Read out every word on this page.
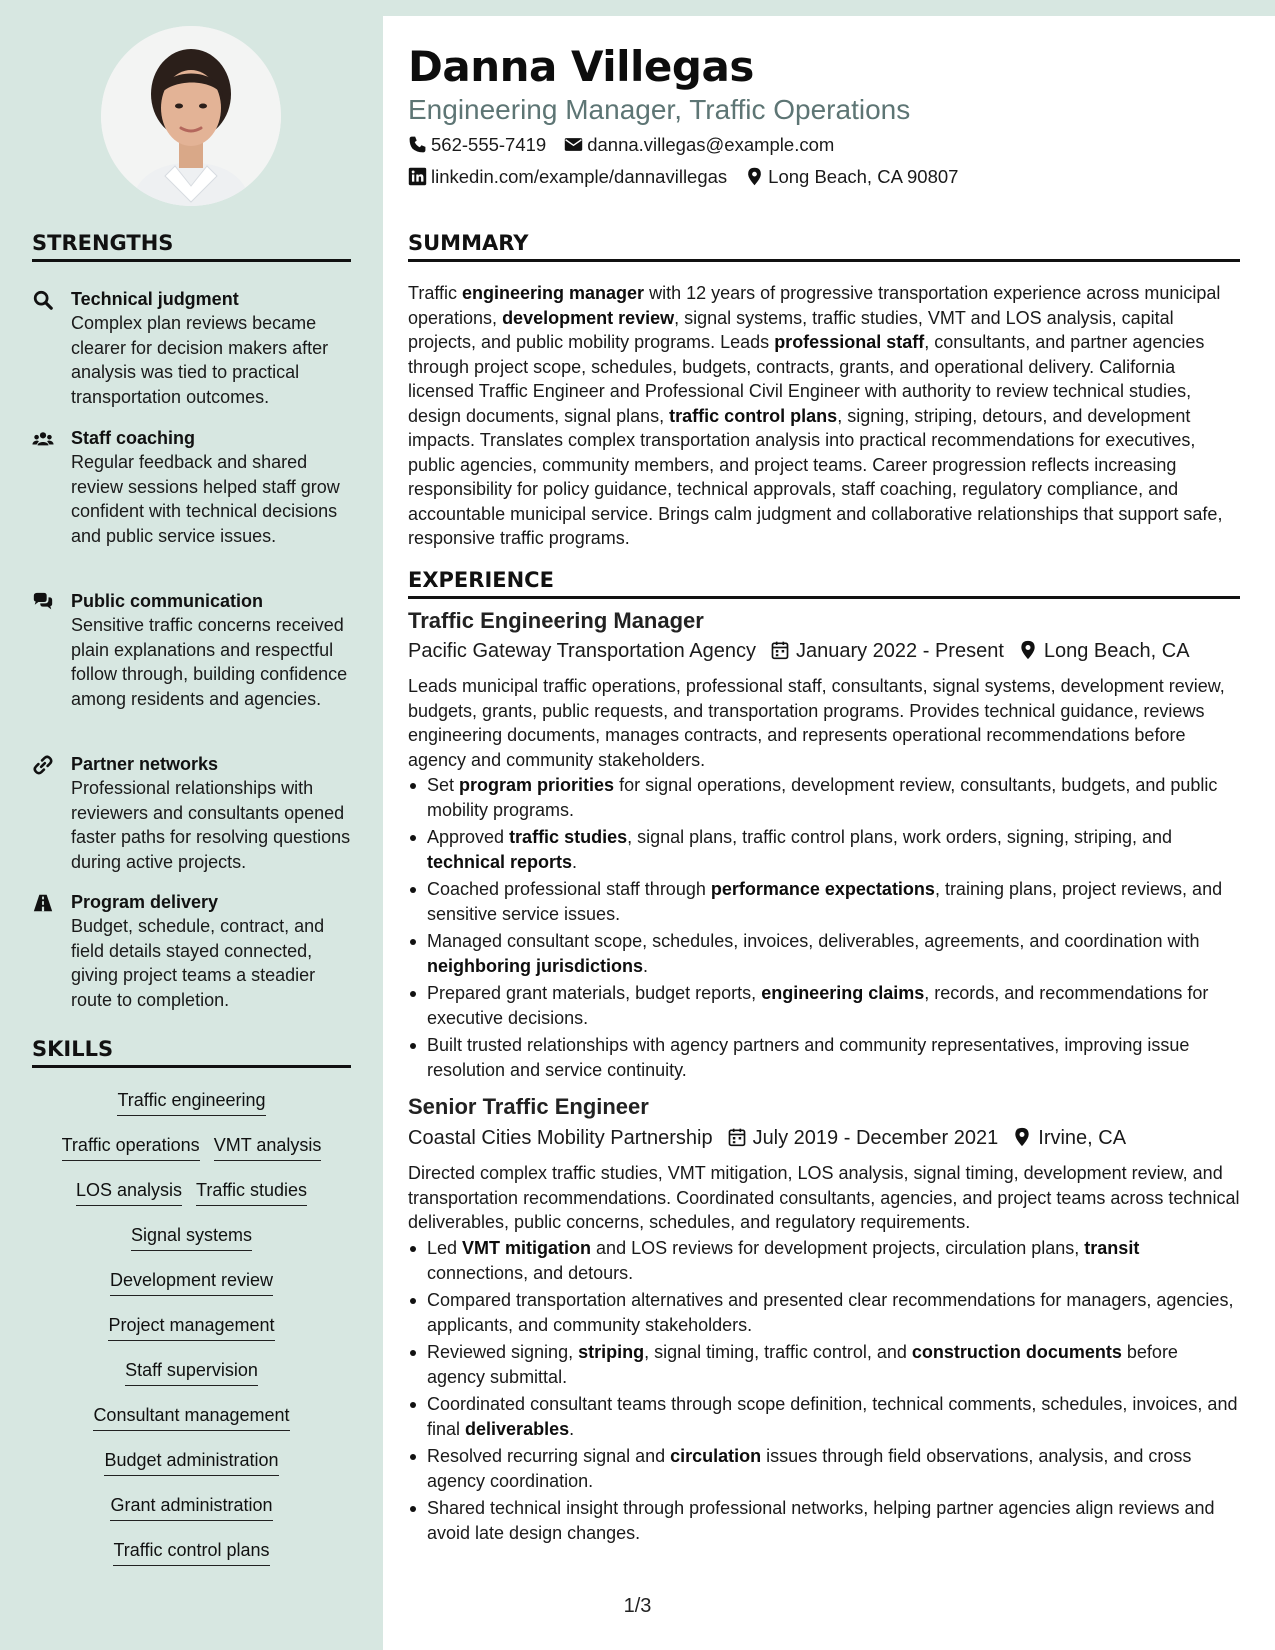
STRENGTHS
Technical judgment
Complex plan reviews became clearer for decision makers after analysis was tied to practical transportation outcomes.
Staff coaching
Regular feedback and shared review sessions helped staff grow confident with technical decisions and public service issues.
Public communication
Sensitive traffic concerns received plain explanations and respectful follow through, building confidence among residents and agencies.
Partner networks
Professional relationships with reviewers and consultants opened faster paths for resolving questions during active projects.
Program delivery
Budget, schedule, contract, and field details stayed connected, giving project teams a steadier route to completion.
SKILLS
Traffic engineering
Traffic operations VMT analysis
LOS analysis Traffic studies
Signal systems
Development review
Project management
Staff supervision
Consultant management
Budget administration
Grant administration
Traffic control plans
Danna Villegas
Engineering Manager, Traffic Operations
562-555-7419 danna.villegas@example.com
linkedin.com/example/dannavillegas Long Beach, CA 90807
SUMMARY
Traffic engineering manager with 12 years of progressive transportation experience across municipal operations, development review, signal systems, traffic studies, VMT and LOS analysis, capital projects, and public mobility programs. Leads professional staff, consultants, and partner agencies through project scope, schedules, budgets, contracts, grants, and operational delivery. California licensed Traffic Engineer and Professional Civil Engineer with authority to review technical studies, design documents, signal plans, traffic control plans, signing, striping, detours, and development impacts. Translates complex transportation analysis into practical recommendations for executives, public agencies, community members, and project teams. Career progression reflects increasing responsibility for policy guidance, technical approvals, staff coaching, regulatory compliance, and accountable municipal service. Brings calm judgment and collaborative relationships that support safe, responsive traffic programs.
EXPERIENCE
Traffic Engineering Manager
Pacific Gateway Transportation Agency January 2022 - Present Long Beach, CA
Leads municipal traffic operations, professional staff, consultants, signal systems, development review, budgets, grants, public requests, and transportation programs. Provides technical guidance, reviews engineering documents, manages contracts, and represents operational recommendations before agency and community stakeholders.
Set program priorities for signal operations, development review, consultants, budgets, and public mobility programs.
Approved traffic studies, signal plans, traffic control plans, work orders, signing, striping, and technical reports.
Coached professional staff through performance expectations, training plans, project reviews, and sensitive service issues.
Managed consultant scope, schedules, invoices, deliverables, agreements, and coordination with neighboring jurisdictions.
Prepared grant materials, budget reports, engineering claims, records, and recommendations for executive decisions.
Built trusted relationships with agency partners and community representatives, improving issue resolution and service continuity.
Senior Traffic Engineer
Coastal Cities Mobility Partnership July 2019 - December 2021 Irvine, CA
Directed complex traffic studies, VMT mitigation, LOS analysis, signal timing, development review, and transportation recommendations. Coordinated consultants, agencies, and project teams across technical deliverables, public concerns, schedules, and regulatory requirements.
Led VMT mitigation and LOS reviews for development projects, circulation plans, transit connections, and detours.
Compared transportation alternatives and presented clear recommendations for managers, agencies, applicants, and community stakeholders.
Reviewed signing, striping, signal timing, traffic control, and construction documents before agency submittal.
Coordinated consultant teams through scope definition, technical comments, schedules, invoices, and final deliverables.
Resolved recurring signal and circulation issues through field observations, analysis, and cross agency coordination.
Shared technical insight through professional networks, helping partner agencies align reviews and avoid late design changes.
1/3
